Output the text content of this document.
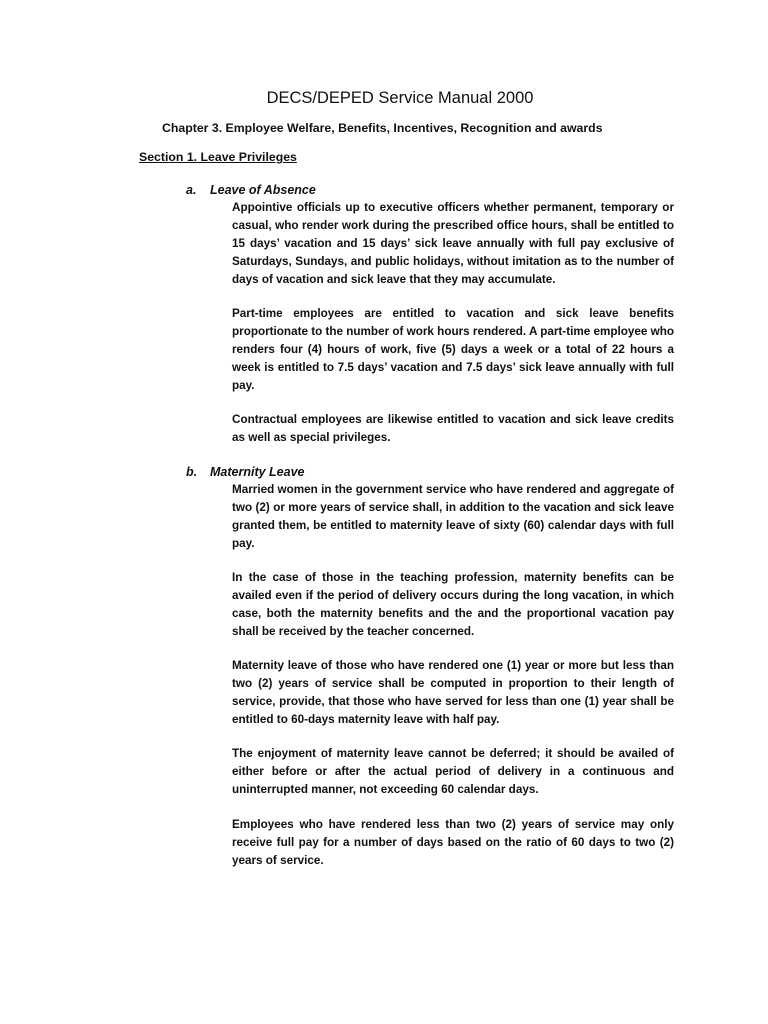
DECS/DEPED Service Manual 2000
Chapter 3. Employee Welfare, Benefits, Incentives, Recognition and awards
Section 1. Leave Privileges
a. Leave of Absence

Appointive officials up to executive officers whether permanent, temporary or casual, who render work during the prescribed office hours, shall be entitled to 15 days’ vacation and 15 days’ sick leave annually with full pay exclusive of Saturdays, Sundays, and public holidays, without imitation as to the number of days of vacation and sick leave that they may accumulate.

Part-time employees are entitled to vacation and sick leave benefits proportionate to the number of work hours rendered. A part-time employee who renders four (4) hours of work, five (5) days a week or a total of 22 hours a week is entitled to 7.5 days’ vacation and 7.5 days’ sick leave annually with full pay.

Contractual employees are likewise entitled to vacation and sick leave credits as well as special privileges.

b. Maternity Leave

Married women in the government service who have rendered and aggregate of two (2) or more years of service shall, in addition to the vacation and sick leave granted them, be entitled to maternity leave of sixty (60) calendar days with full pay.

In the case of those in the teaching profession, maternity benefits can be availed even if the period of delivery occurs during the long vacation, in which case, both the maternity benefits and the and the proportional vacation pay shall be received by the teacher concerned.

Maternity leave of those who have rendered one (1) year or more but less than two (2) years of service shall be computed in proportion to their length of service, provide, that those who have served for less than one (1) year shall be entitled to 60-days maternity leave with half pay.

The enjoyment of maternity leave cannot be deferred; it should be availed of either before or after the actual period of delivery in a continuous and uninterrupted manner, not exceeding 60 calendar days.

Employees who have rendered less than two (2) years of service may only receive full pay for a number of days based on the ratio of 60 days to two (2) years of service.
